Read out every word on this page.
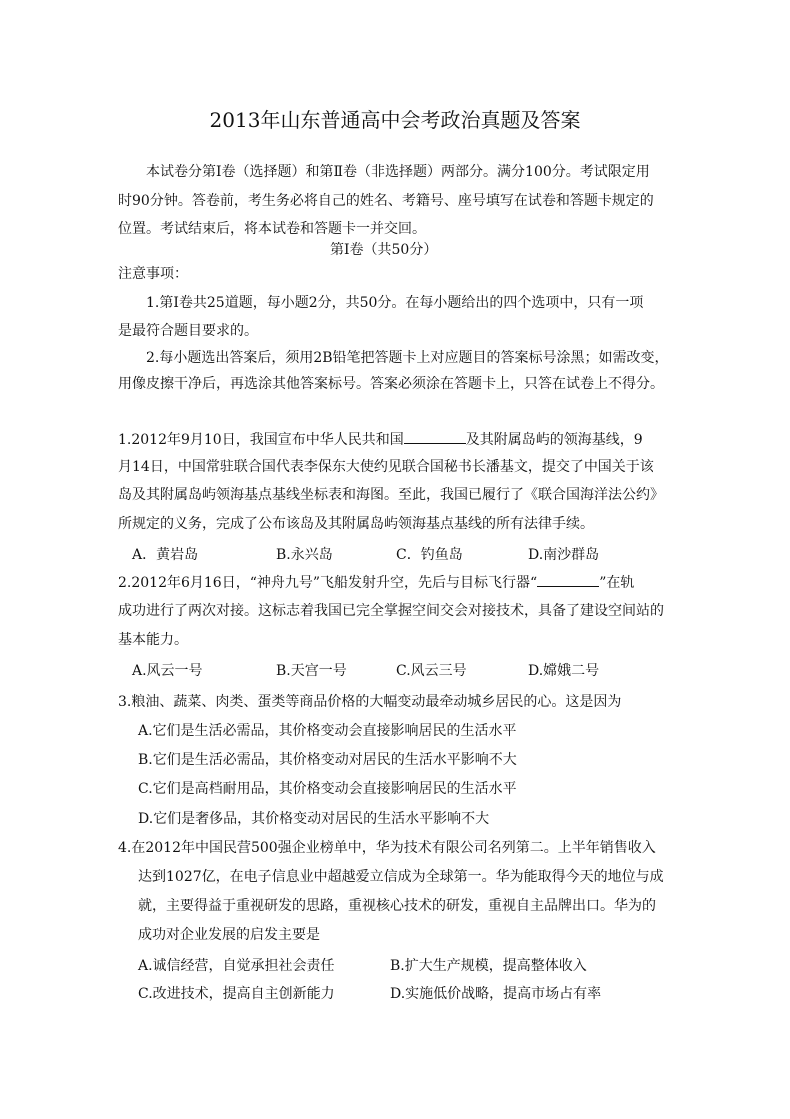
2013年山东普通高中会考政治真题及答案
本试卷分第Ⅰ卷（选择题）和第Ⅱ卷（非选择题）两部分。满分100分。考试限定用
时90分钟。答卷前，考生务必将自己的姓名、考籍号、座号填写在试卷和答题卡规定的
位置。考试结束后，将本试卷和答题卡一并交回。
第Ⅰ卷（共50分）
注意事项：
1.第Ⅰ卷共25道题，每小题2分，共50分。在每小题给出的四个选项中，只有一项
是最符合题目要求的。
2.每小题选出答案后，须用2B铅笔把答题卡上对应题目的答案标号涂黑；如需改变，
用像皮擦干净后，再选涂其他答案标号。答案必须涂在答题卡上，只答在试卷上不得分。
1.2012年9月10日，我国宣布中华人民共和国	及其附属岛屿的领海基线，9
月14日，中国常驻联合国代表李保东大使约见联合国秘书长潘基文，提交了中国关于该
岛及其附属岛屿领海基点基线坐标表和海图。至此，我国已履行了《联合国海洋法公约》
所规定的义务，完成了公布该岛及其附属岛屿领海基点基线的所有法律手续。
A．黄岩岛	B.永兴岛	C．钓鱼岛	D.南沙群岛
2.2012年6月16日，“神舟九号”飞船发射升空，先后与目标飞行器“	”在轨
成功进行了两次对接。这标志着我国已完全掌握空间交会对接技术，具备了建设空间站的
基本能力。
A.风云一号	B.天宫一号	C.风云三号	D.嫦娥二号
3.粮油、蔬菜、肉类、蛋类等商品价格的大幅变动最牵动城乡居民的心。这是因为
A.它们是生活必需品，其价格变动会直接影响居民的生活水平
B.它们是生活必需品，其价格变动对居民的生活水平影响不大
C.它们是高档耐用品，其价格变动会直接影响居民的生活水平
D.它们是奢侈品，其价格变动对居民的生活水平影响不大
4.在2012年中国民营500强企业榜单中，华为技术有限公司名列第二。上半年销售收入
达到1027亿，在电子信息业中超越爱立信成为全球第一。华为能取得今天的地位与成
就，主要得益于重视研发的思路，重视核心技术的研发，重视自主品牌出口。华为的
成功对企业发展的启发主要是
A.诚信经营，自觉承担社会责任	B.扩大生产规模，提高整体收入
C.改进技术，提高自主创新能力	D.实施低价战略，提高市场占有率
